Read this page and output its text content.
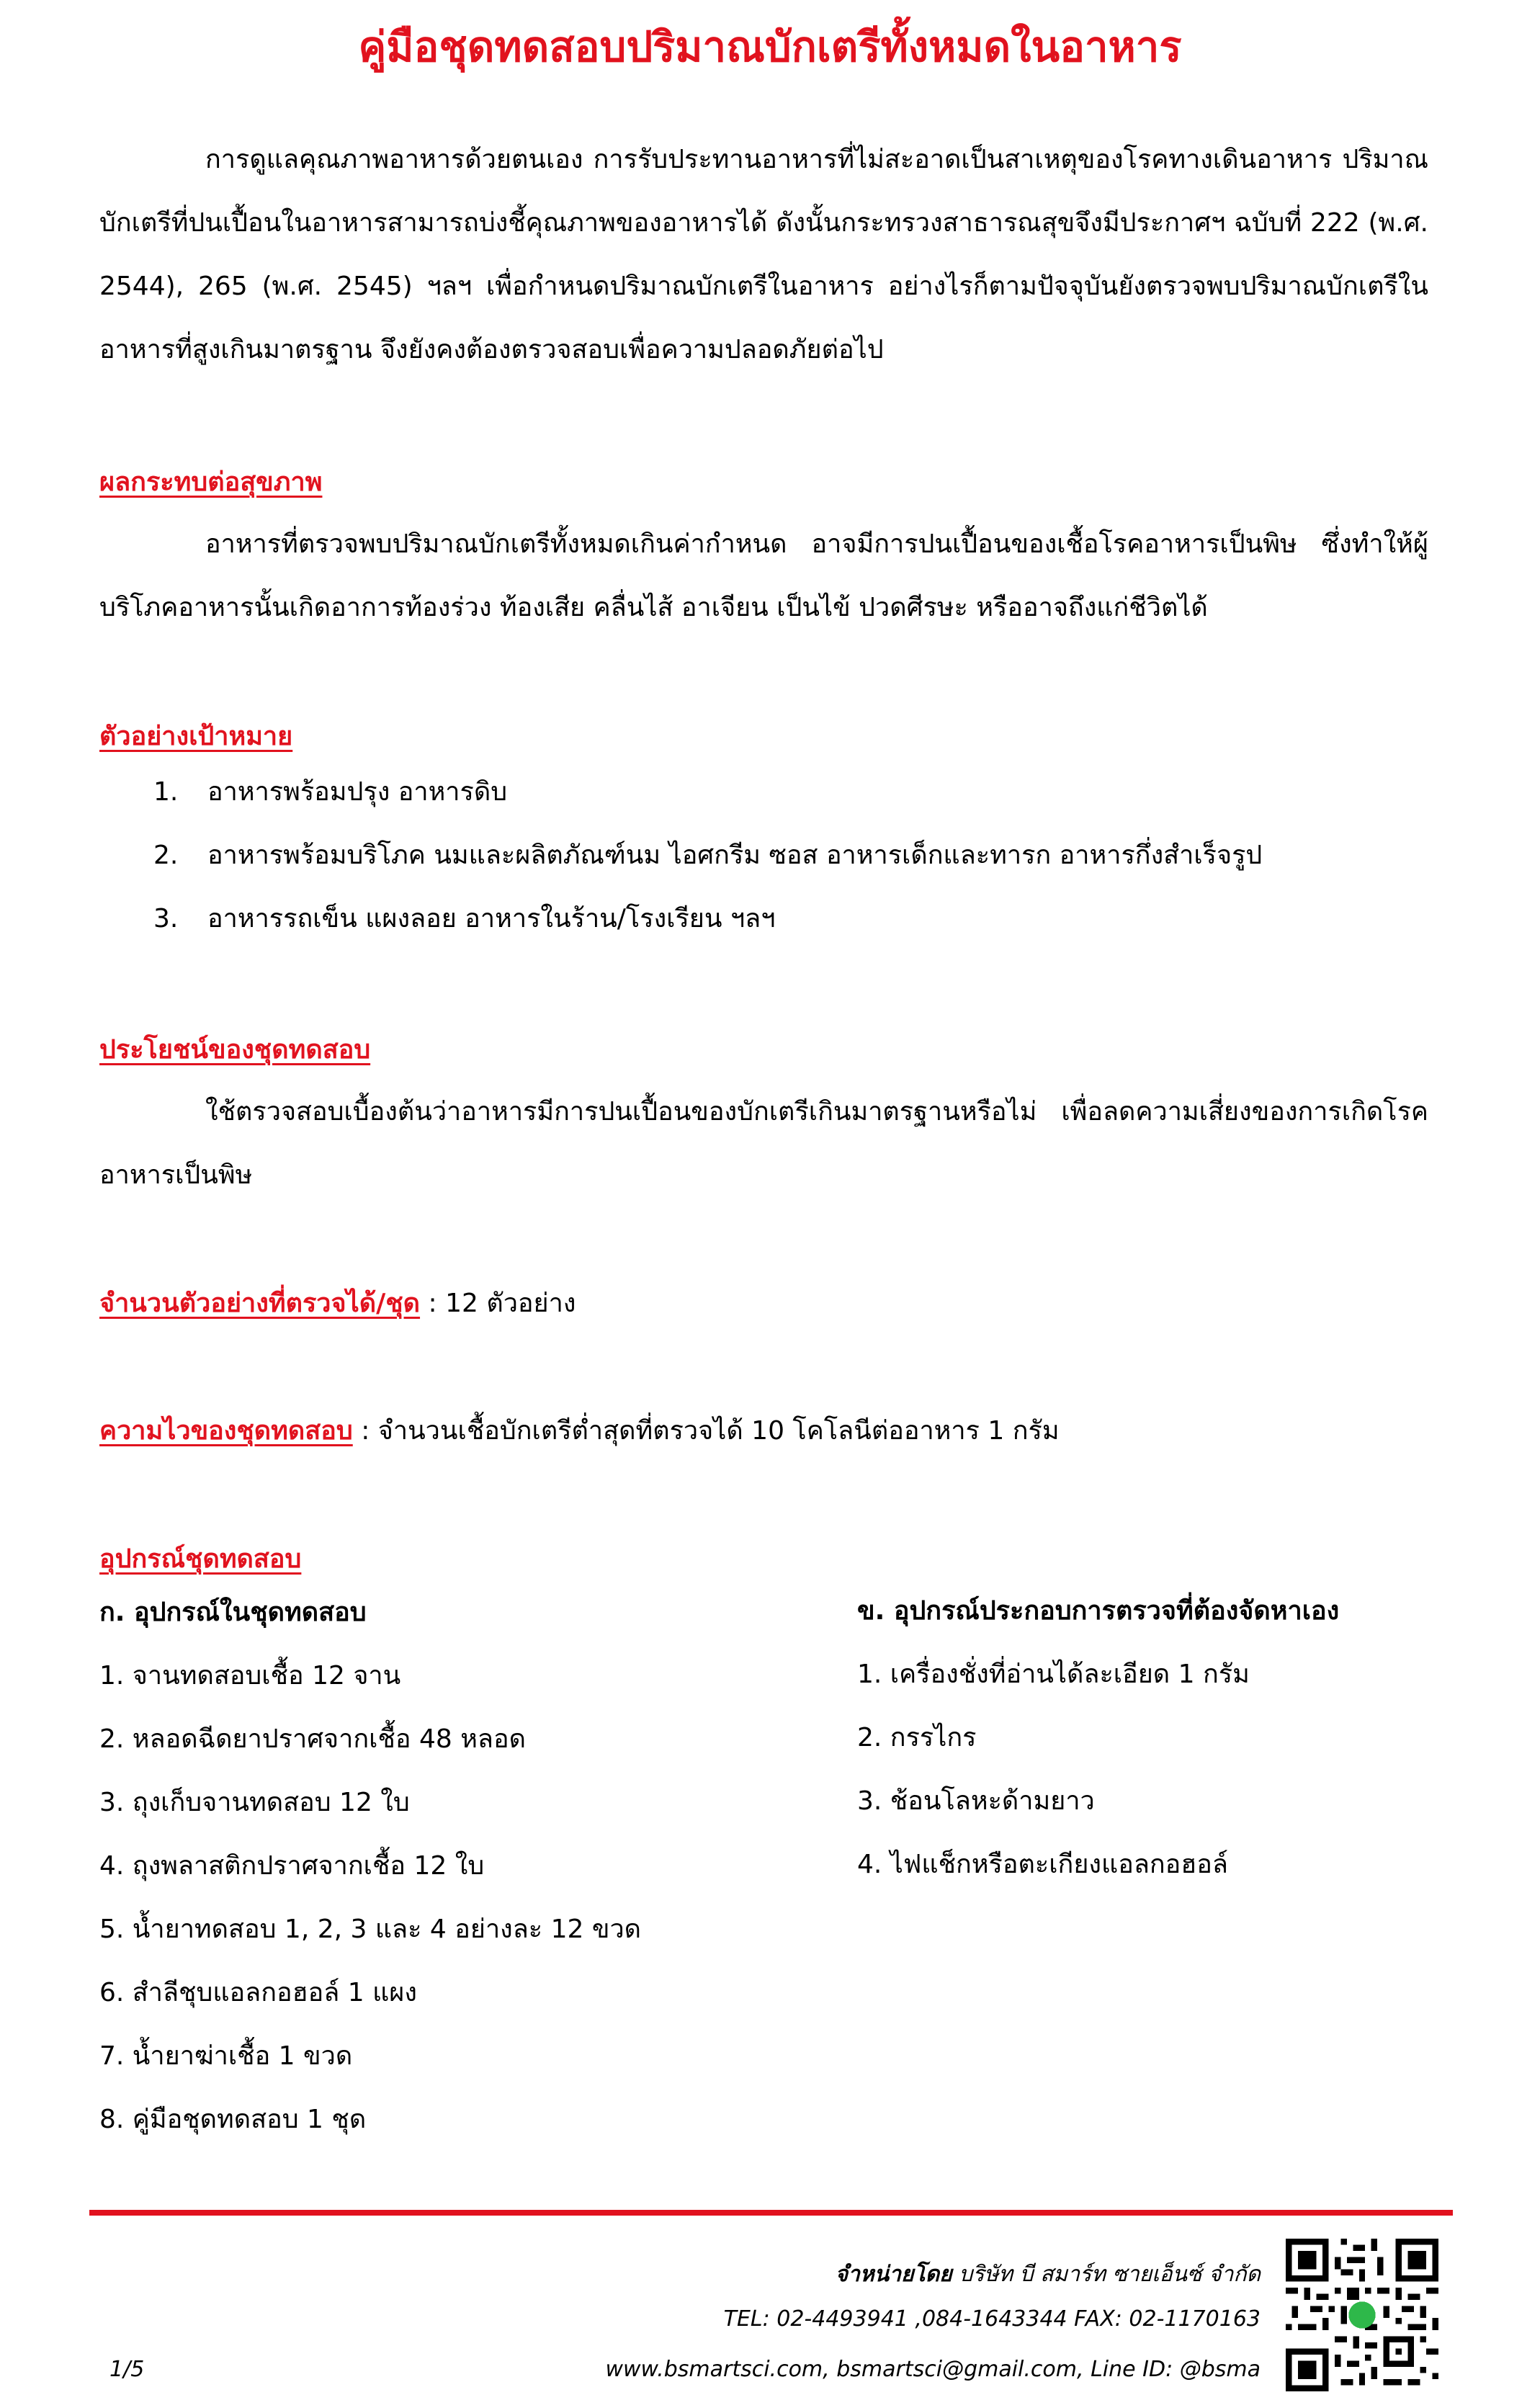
คู่มือชุดทดสอบปริมาณบักเตรีทั้งหมดในอาหาร
การดูแลคุณภาพอาหารด้วยตนเอง การรับประทานอาหารที่ไม่สะอาดเป็นสาเหตุของโรคทางเดินอาหาร ปริมาณบักเตรีที่ปนเปื้อนในอาหารสามารถบ่งชี้คุณภาพของอาหารได้ ดังนั้นกระทรวงสาธารณสุขจึงมีประกาศฯ ฉบับที่ 222 (พ.ศ. 2544), 265 (พ.ศ. 2545) ฯลฯ เพื่อกำหนดปริมาณบักเตรีในอาหาร อย่างไรก็ตามปัจจุบันยังตรวจพบปริมาณบักเตรีในอาหารที่สูงเกินมาตรฐาน จึงยังคงต้องตรวจสอบเพื่อความปลอดภัยต่อไป
ผลกระทบต่อสุขภาพ
อาหารที่ตรวจพบปริมาณบักเตรีทั้งหมดเกินค่ากำหนด อาจมีการปนเปื้อนของเชื้อโรคอาหารเป็นพิษ ซึ่งทำให้ผู้บริโภคอาหารนั้นเกิดอาการท้องร่วง ท้องเสีย คลื่นไส้ อาเจียน เป็นไข้ ปวดศีรษะ หรืออาจถึงแก่ชีวิตได้
ตัวอย่างเป้าหมาย
1. อาหารพร้อมปรุง อาหารดิบ
2. อาหารพร้อมบริโภค นมและผลิตภัณฑ์นม ไอศกรีม ซอส อาหารเด็กและทารก อาหารกึ่งสำเร็จรูป
3. อาหารรถเข็น แผงลอย อาหารในร้าน/โรงเรียน ฯลฯ
ประโยชน์ของชุดทดสอบ
ใช้ตรวจสอบเบื้องต้นว่าอาหารมีการปนเปื้อนของบักเตรีเกินมาตรฐานหรือไม่ เพื่อลดความเสี่ยงของการเกิดโรคอาหารเป็นพิษ
จำนวนตัวอย่างที่ตรวจได้/ชุด : 12 ตัวอย่าง
ความไวของชุดทดสอบ : จำนวนเชื้อบักเตรีต่ำสุดที่ตรวจได้ 10 โคโลนีต่ออาหาร 1 กรัม
อุปกรณ์ชุดทดสอบ
ก. อุปกรณ์ในชุดทดสอบ
1. จานทดสอบเชื้อ 12 จาน
2. หลอดฉีดยาปราศจากเชื้อ 48 หลอด
3. ถุงเก็บจานทดสอบ 12 ใบ
4. ถุงพลาสติกปราศจากเชื้อ 12 ใบ
5. น้ำยาทดสอบ 1, 2, 3 และ 4 อย่างละ 12 ขวด
6. สำลีชุบแอลกอฮอล์ 1 แผง
7. น้ำยาฆ่าเชื้อ 1 ขวด
8. คู่มือชุดทดสอบ 1 ชุด
ข. อุปกรณ์ประกอบการตรวจที่ต้องจัดหาเอง
1. เครื่องชั่งที่อ่านได้ละเอียด 1 กรัม
2. กรรไกร
3. ช้อนโลหะด้ามยาว
4. ไฟแช็กหรือตะเกียงแอลกอฮอล์
จำหน่ายโดย บริษัท บี สมาร์ท ซายเอ็นซ์ จำกัด
TEL: 02-4493941 ,084-1643344 FAX: 02-1170163
www.bsmartsci.com, bsmartsci@gmail.com, Line ID: @bsma
1/5
